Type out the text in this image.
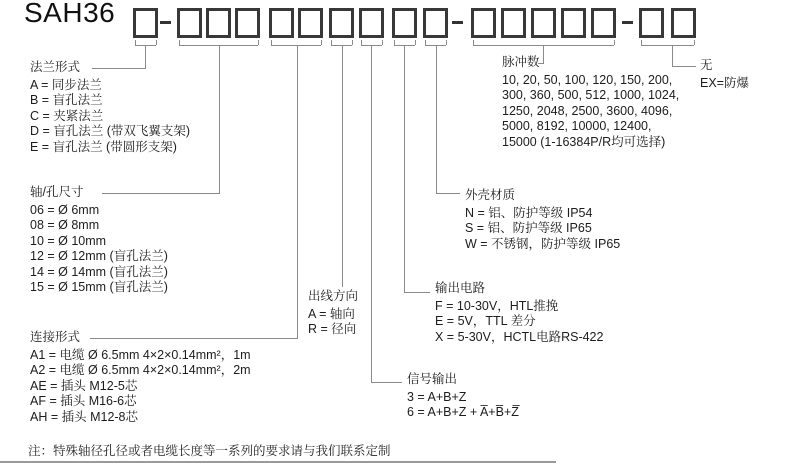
SAH36
法兰形式
A = 同步法兰
B = 盲孔法兰
C = 夹紧法兰
D = 盲孔法兰 (带双飞翼支架)
E = 盲孔法兰 (带圆形支架)
轴/孔尺寸
06 = Ø 6mm
08 = Ø 8mm
10 = Ø 10mm
12 = Ø 12mm (盲孔法兰)
14 = Ø 14mm (盲孔法兰)
15 = Ø 15mm (盲孔法兰)
连接形式
A1 = 电缆 Ø 6.5mm 4×2×0.14mm²，1m
A2 = 电缆 Ø 6.5mm 4×2×0.14mm²，2m
AE = 插头 M12-5芯
AF = 插头 M16-6芯
AH = 插头 M12-8芯
出线方向
A = 轴向
R = 径向
信号输出
3 = A+B+Z
6 = A+B+Z + A̅+B̅+Z̅
输出电路
F = 10-30V，HTL推挽
E = 5V，TTL 差分
X = 5-30V，HCTL电路RS-422
外壳材质
N = 铝、防护等级 IP54
S = 铝、防护等级 IP65
W = 不锈钢，防护等级 IP65
脉冲数
10, 20, 50, 100, 120, 150, 200,
300, 360, 500, 512, 1000, 1024,
1250, 2048, 2500, 3600, 4096,
5000, 8192, 10000, 12400,
15000 (1-16384P/R均可选择)
无
EX=防爆
注：特殊轴径孔径或者电缆长度等一系列的要求请与我们联系定制
